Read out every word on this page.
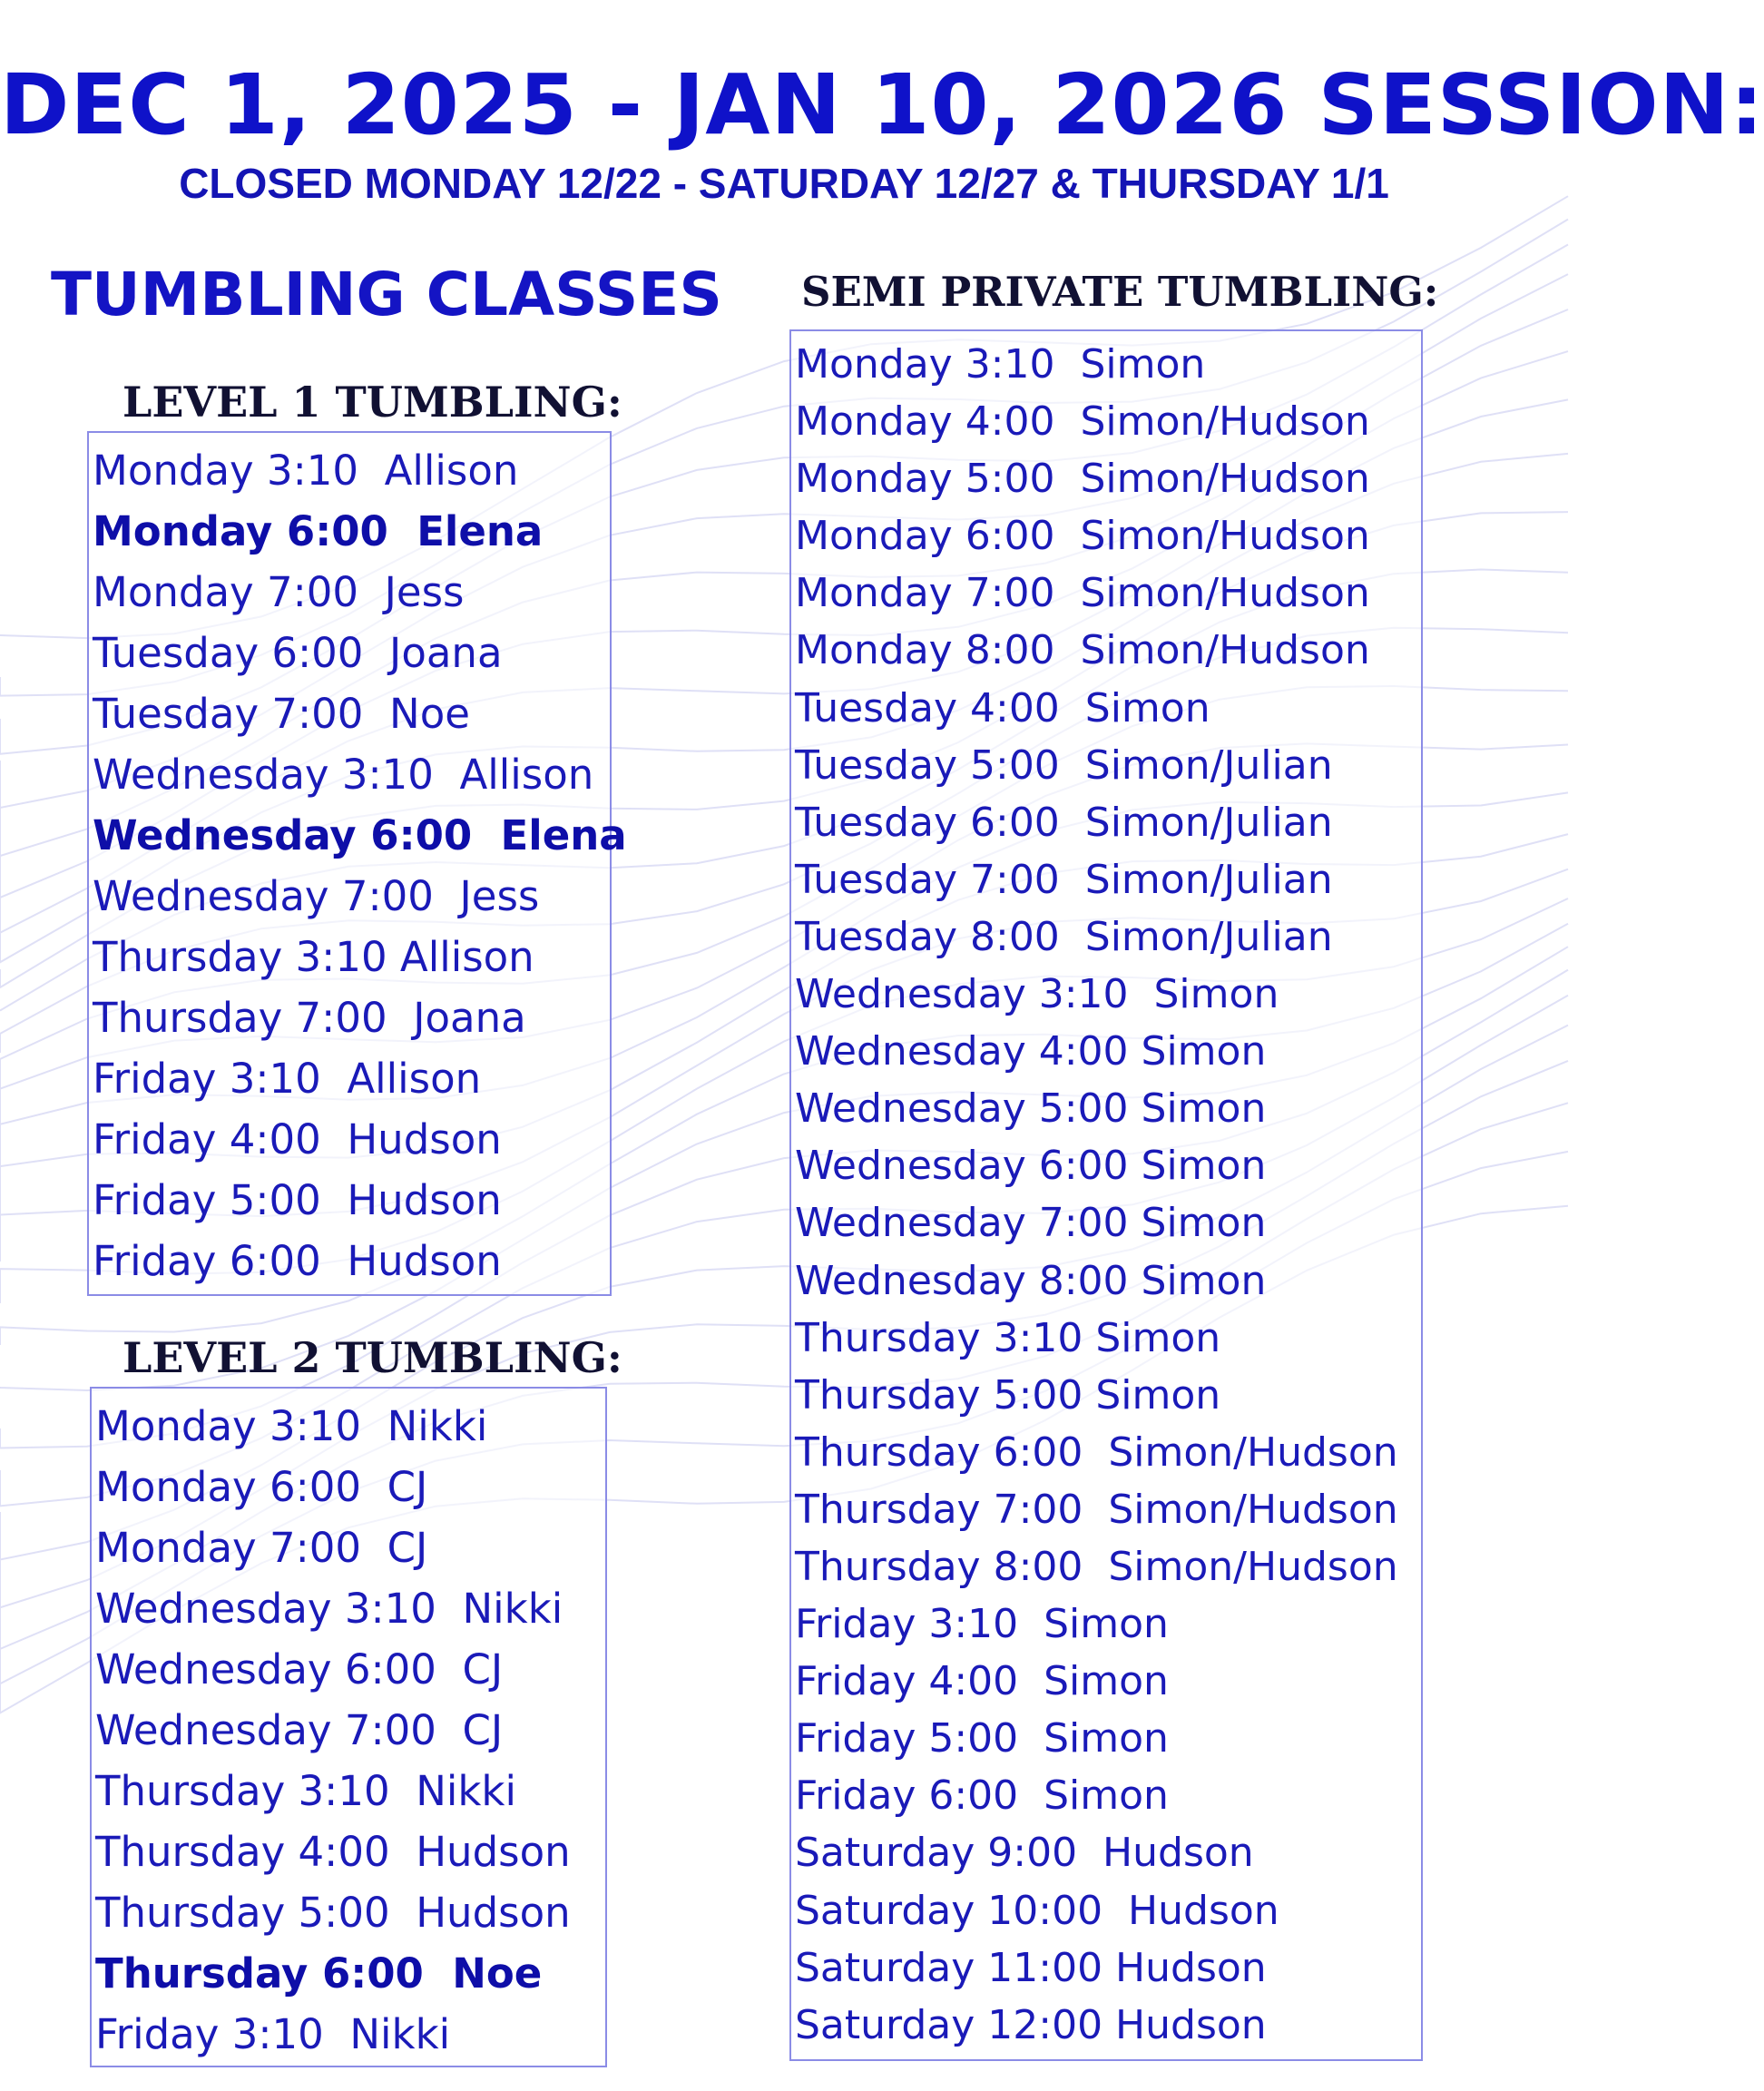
DEC 1, 2025 - JAN 10, 2026 SESSION:
CLOSED MONDAY 12/22 - SATURDAY 12/27 & THURSDAY 1/1
TUMBLING CLASSES
LEVEL 1 TUMBLING:
Monday 3:10  Allison
Monday 6:00  Elena
Monday 7:00  Jess
Tuesday 6:00  Joana
Tuesday 7:00  Noe
Wednesday 3:10  Allison
Wednesday 6:00  Elena
Wednesday 7:00  Jess
Thursday 3:10 Allison
Thursday 7:00  Joana
Friday 3:10  Allison
Friday 4:00  Hudson
Friday 5:00  Hudson
Friday 6:00  Hudson
LEVEL 2 TUMBLING:
Monday 3:10  Nikki
Monday 6:00  CJ
Monday 7:00  CJ
Wednesday 3:10  Nikki
Wednesday 6:00  CJ
Wednesday 7:00  CJ
Thursday 3:10  Nikki
Thursday 4:00  Hudson
Thursday 5:00  Hudson
Thursday 6:00  Noe
Friday 3:10  Nikki
SEMI PRIVATE TUMBLING:
Monday 3:10  Simon
Monday 4:00  Simon/Hudson
Monday 5:00  Simon/Hudson
Monday 6:00  Simon/Hudson
Monday 7:00  Simon/Hudson
Monday 8:00  Simon/Hudson
Tuesday 4:00  Simon
Tuesday 5:00  Simon/Julian
Tuesday 6:00  Simon/Julian
Tuesday 7:00  Simon/Julian
Tuesday 8:00  Simon/Julian
Wednesday 3:10  Simon
Wednesday 4:00 Simon
Wednesday 5:00 Simon
Wednesday 6:00 Simon
Wednesday 7:00 Simon
Wednesday 8:00 Simon
Thursday 3:10 Simon
Thursday 5:00 Simon
Thursday 6:00  Simon/Hudson
Thursday 7:00  Simon/Hudson
Thursday 8:00  Simon/Hudson
Friday 3:10  Simon
Friday 4:00  Simon
Friday 5:00  Simon
Friday 6:00  Simon
Saturday 9:00  Hudson
Saturday 10:00  Hudson
Saturday 11:00 Hudson
Saturday 12:00 Hudson
